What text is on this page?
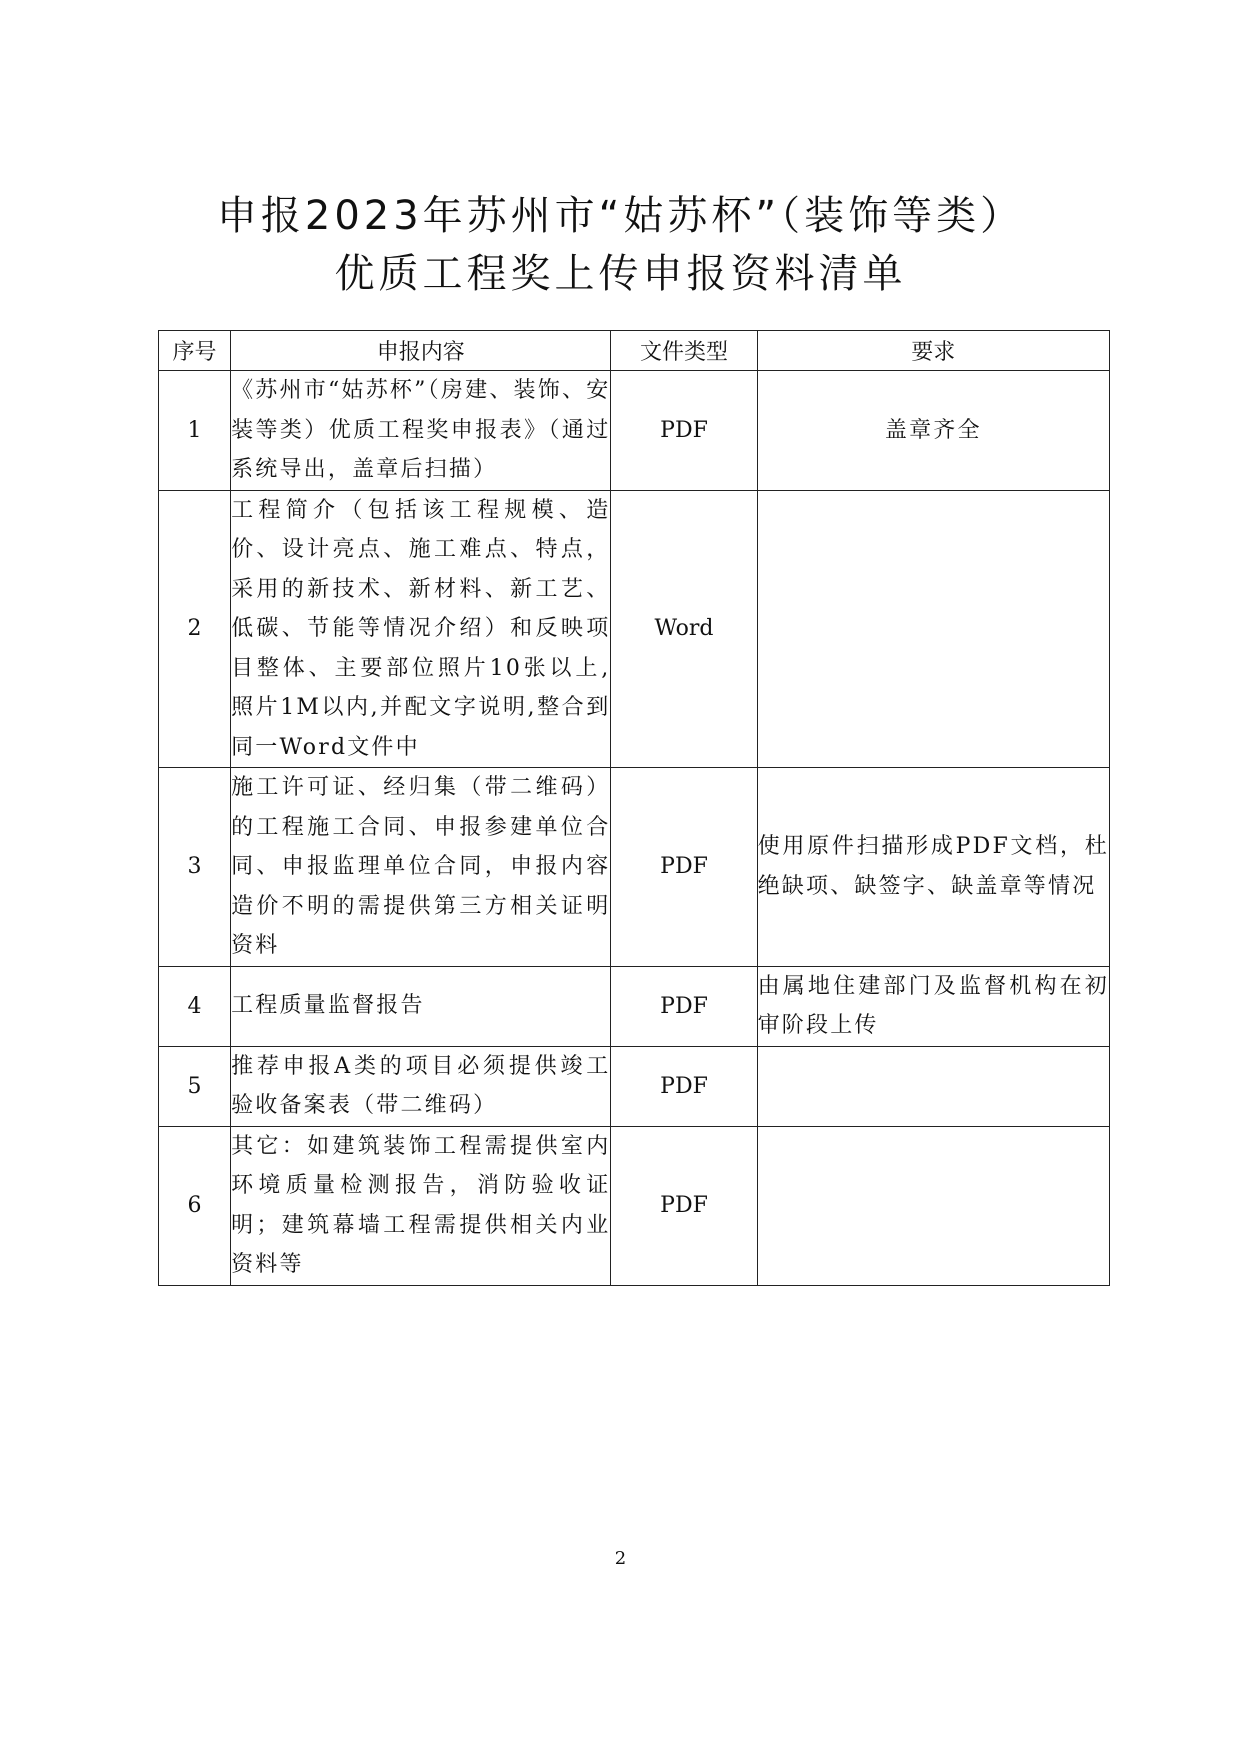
申报2023年苏州市“姑苏杯”（装饰等类）
优质工程奖上传申报资料清单
序号	申报内容	文件类型	要求
1	《苏州市“姑苏杯”（房建、装饰、安装等类）优质工程奖申报表》（通过系统导出，盖章后扫描）	PDF	盖章齐全
2	工程简介（包括该工程规模、造价、设计亮点、施工难点、特点，采用的新技术、新材料、新工艺、低碳、节能等情况介绍）和反映项目整体、主要部位照片10张以上,照片1M以内,并配文字说明,整合到同一Word文件中	Word	
3	施工许可证、经归集（带二维码）的工程施工合同、申报参建单位合同、申报监理单位合同，申报内容造价不明的需提供第三方相关证明资料	PDF	使用原件扫描形成PDF文档，杜绝缺项、缺签字、缺盖章等情况

4	工程质量监督报告	PDF	由属地住建部门及监督机构在初审阶段上传

5	推荐申报A类的项目必须提供竣工验收备案表（带二维码）	PDF	
6	其它：如建筑装饰工程需提供室内环境质量检测报告，消防验收证明；建筑幕墙工程需提供相关内业资料等	PDF	
2
